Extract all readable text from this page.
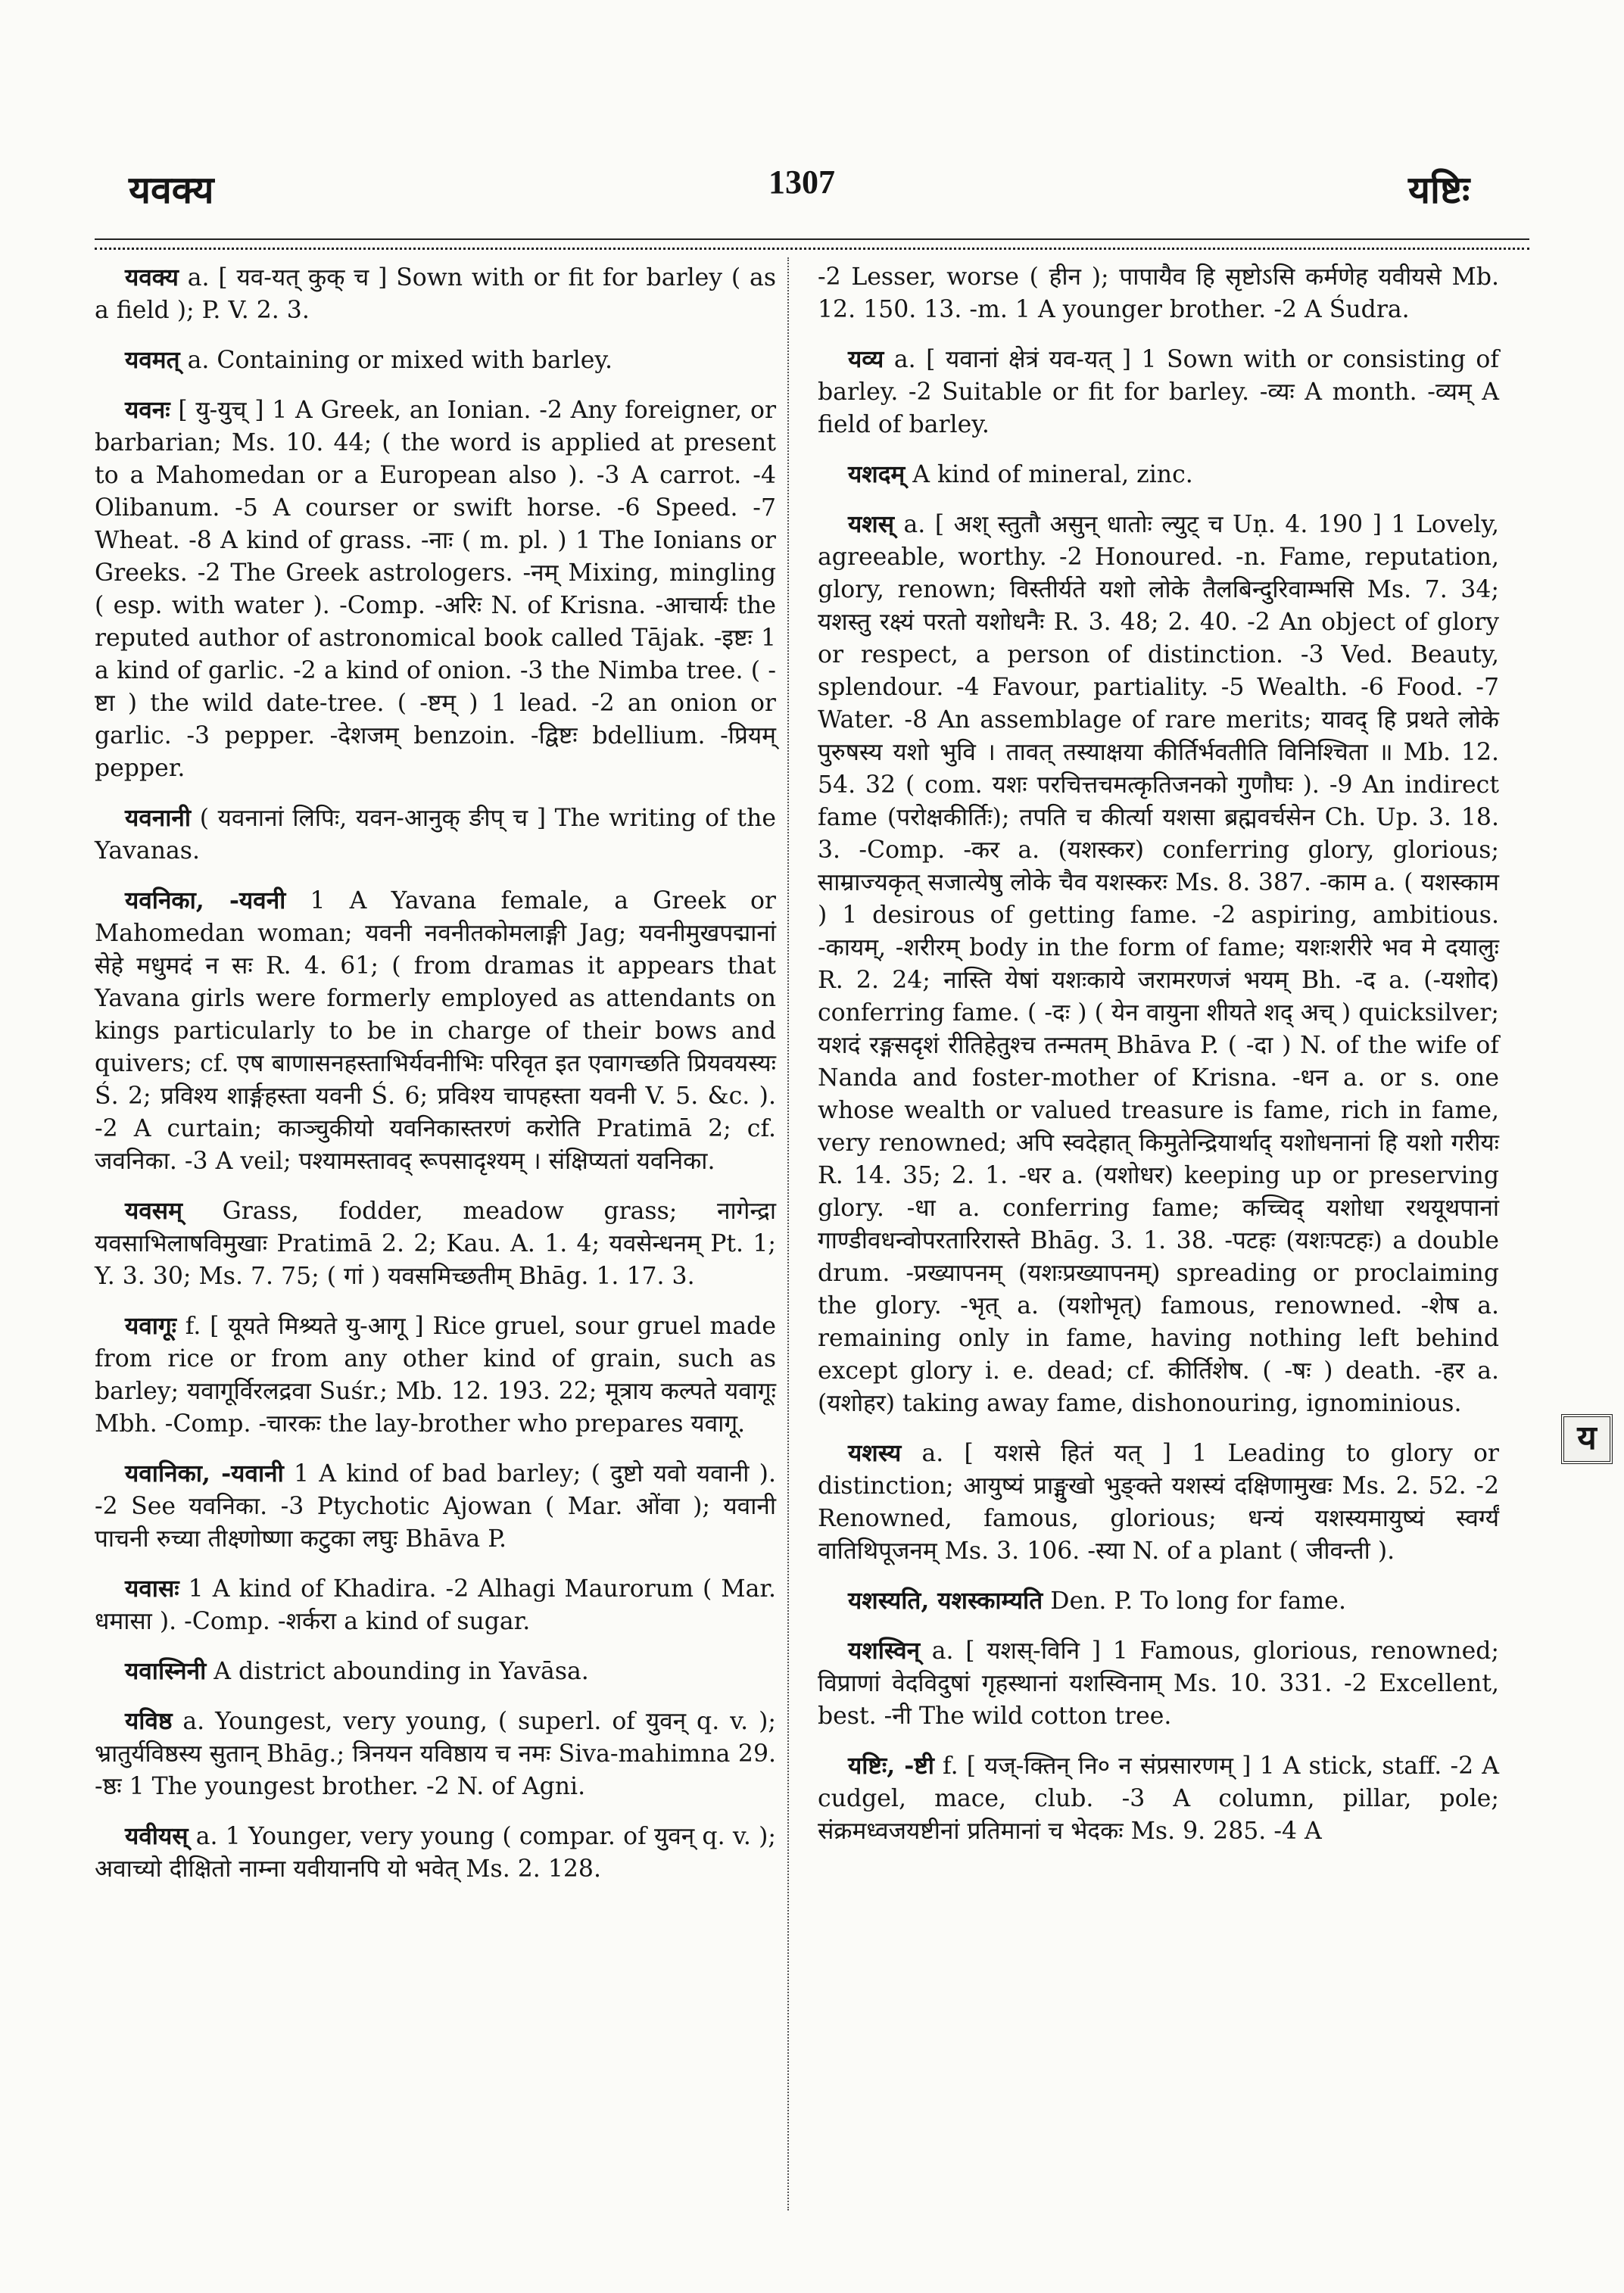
यवक्य	1307	यष्टिः

यवक्य a. [ यव-यत् कुक् च ] Sown with or fit for barley ( as a field ); P. V. 2. 3.

यवमत् a. Containing or mixed with barley.

यवनः [ यु-युच् ] 1 A Greek, an Ionian. -2 Any foreigner, or barbarian; Ms. 10. 44; ( the word is applied at present to a Mahomedan or a European also ). -3 A carrot. -4 Olibanum. -5 A courser or swift horse. -6 Speed. -7 Wheat. -8 A kind of grass. -नाः ( m. pl. ) 1 The Ionians or Greeks. -2 The Greek astrologers. -नम् Mixing, mingling ( esp. with water ). -Comp. -अरिः N. of Krisna. -आचार्यः the reputed author of astronomical book called Tājak. -इष्टः 1 a kind of garlic. -2 a kind of onion. -3 the Nimba tree. ( -ष्टा ) the wild date-tree. ( -ष्टम् ) 1 lead. -2 an onion or garlic. -3 pepper. -देशजम् benzoin. -द्विष्टः bdellium. -प्रियम् pepper.

यवनानी ( यवनानां लिपिः, यवन-आनुक् ङीप् च ] The writing of the Yavanas.

यवनिका, -यवनी 1 A Yavana female, a Greek or Mahomedan woman; यवनी नवनीतकोमलाङ्गी Jag; यवनीमुखपद्मानां सेहे मधुमदं न सः R. 4. 61; ( from dramas it appears that Yavana girls were formerly employed as attendants on kings particularly to be in charge of their bows and quivers; cf. एष बाणासनहस्ताभिर्यवनीभिः परिवृत इत एवागच्छति प्रियवयस्यः Ś. 2; प्रविश्य शार्ङ्गहस्ता यवनी Ś. 6; प्रविश्य चापहस्ता यवनी V. 5. &c. ). -2 A curtain; काञ्चुकीयो यवनिकास्तरणं करोति Pratimā 2; cf. जवनिका. -3 A veil; पश्यामस्तावद् रूपसादृश्यम् । संक्षिप्यतां यवनिका.

यवसम् Grass, fodder, meadow grass; नागेन्द्रा यवसाभिलाषविमुखाः Pratimā 2. 2; Kau. A. 1. 4; यवसेन्धनम् Pt. 1; Y. 3. 30; Ms. 7. 75; ( गां ) यवसमिच्छतीम् Bhāg. 1. 17. 3.

यवागूः f. [ यूयते मिश्र्यते यु-आगू ] Rice gruel, sour gruel made from rice or from any other kind of grain, such as barley; यवागूर्विरलद्रवा Suśr.; Mb. 12. 193. 22; मूत्राय कल्पते यवागूः Mbh. -Comp. -चारकः the lay-brother who prepares यवागू.

यवानिका, -यवानी 1 A kind of bad barley; ( दुष्टो यवो यवानी ). -2 See यवनिका. -3 Ptychotic Ajowan ( Mar. ओंवा ); यवानी पाचनी रुच्या तीक्ष्णोष्णा कटुका लघुः Bhāva P.

यवासः 1 A kind of Khadira. -2 Alhagi Maurorum ( Mar. धमासा ). -Comp. -शर्करा a kind of sugar.

यवास्निनी A district abounding in Yavāsa.

यविष्ठ a. Youngest, very young, ( superl. of युवन् q. v. ); भ्रातुर्यविष्ठस्य सुतान् Bhāg.; त्रिनयन यविष्ठाय च नमः Siva-mahimna 29. -ष्ठः 1 The youngest brother. -2 N. of Agni.

यवीयस् a. 1 Younger, very young ( compar. of युवन् q. v. ); अवाच्यो दीक्षितो नाम्ना यवीयानपि यो भवेत् Ms. 2. 128.

-2 Lesser, worse ( हीन ); पापायैव हि सृष्टोऽसि कर्मणेह यवीयसे Mb. 12. 150. 13. -m. 1 A younger brother. -2 A Śudra.

यव्य a. [ यवानां क्षेत्रं यव-यत् ] 1 Sown with or consisting of barley. -2 Suitable or fit for barley. -व्यः A month. -व्यम् A field of barley.

यशदम् A kind of mineral, zinc.

यशस् a. [ अश् स्तुतौ असुन् धातोः ल्युट् च Uṇ. 4. 190 ] 1 Lovely, agreeable, worthy. -2 Honoured. -n. Fame, reputation, glory, renown; विस्तीर्यते यशो लोके तैलबिन्दुरिवाम्भसि Ms. 7. 34; यशस्तु रक्ष्यं परतो यशोधनैः R. 3. 48; 2. 40. -2 An object of glory or respect, a person of distinction. -3 Ved. Beauty, splendour. -4 Favour, partiality. -5 Wealth. -6 Food. -7 Water. -8 An assemblage of rare merits; यावद् हि प्रथते लोके पुरुषस्य यशो भुवि । तावत् तस्याक्षया कीर्तिर्भवतीति विनिश्चिता ॥ Mb. 12. 54. 32 ( com. यशः परचित्तचमत्कृतिजनको गुणौघः ). -9 An indirect fame (परोक्षकीर्तिः); तपति च कीर्त्या यशसा ब्रह्मवर्चसेन Ch. Up. 3. 18. 3. -Comp. -कर a. (यशस्कर) conferring glory, glorious; साम्राज्यकृत् सजात्येषु लोके चैव यशस्करः Ms. 8. 387. -काम a. ( यशस्काम ) 1 desirous of getting fame. -2 aspiring, ambitious. -कायम्, -शरीरम् body in the form of fame; यशःशरीरे भव मे दयालुः R. 2. 24; नास्ति येषां यशःकाये जरामरणजं भयम् Bh. -द a. (-यशोद) conferring fame. ( -दः ) ( येन वायुना शीयते शद् अच् ) quicksilver; यशदं रङ्गसदृशं रीतिहेतुश्च तन्मतम् Bhāva P. ( -दा ) N. of the wife of Nanda and foster-mother of Krisna. -धन a. or s. one whose wealth or valued treasure is fame, rich in fame, very renowned; अपि स्वदेहात् किमुतेन्द्रियार्थाद् यशोधनानां हि यशो गरीयः R. 14. 35; 2. 1. -धर a. (यशोधर) keeping up or preserving glory. -धा a. conferring fame; कच्चिद् यशोधा रथयूथपानां गाण्डीवधन्वोपरतारिरास्ते Bhāg. 3. 1. 38. -पटहः (यशःपटहः) a double drum. -प्रख्यापनम् (यशःप्रख्यापनम्) spreading or proclaiming the glory. -भृत् a. (यशोभृत्) famous, renowned. -शेष a. remaining only in fame, having nothing left behind except glory i. e. dead; cf. कीर्तिशेष. ( -षः ) death. -हर a. (यशोहर) taking away fame, dishonouring, ignominious.

यशस्य a. [ यशसे हितं यत् ] 1 Leading to glory or distinction; आयुष्यं प्राङ्मुखो भुङ्क्ते यशस्यं दक्षिणामुखः Ms. 2. 52. -2 Renowned, famous, glorious; धन्यं यशस्यमायुष्यं स्वर्ग्यं वातिथिपूजनम् Ms. 3. 106. -स्या N. of a plant ( जीवन्ती ).

यशस्यति, यशस्काम्यति Den. P. To long for fame.

यशस्विन् a. [ यशस्-विनि ] 1 Famous, glorious, renowned; विप्राणां वेदविदुषां गृहस्थानां यशस्विनाम् Ms. 10. 331. -2 Excellent, best. -नी The wild cotton tree.

यष्टिः, -ष्टी f. [ यज्-क्तिन् नि० न संप्रसारणम् ] 1 A stick, staff. -2 A cudgel, mace, club. -3 A column, pillar, pole; संक्रमध्वजयष्टीनां प्रतिमानां च भेदकः Ms. 9. 285. -4 A

य
